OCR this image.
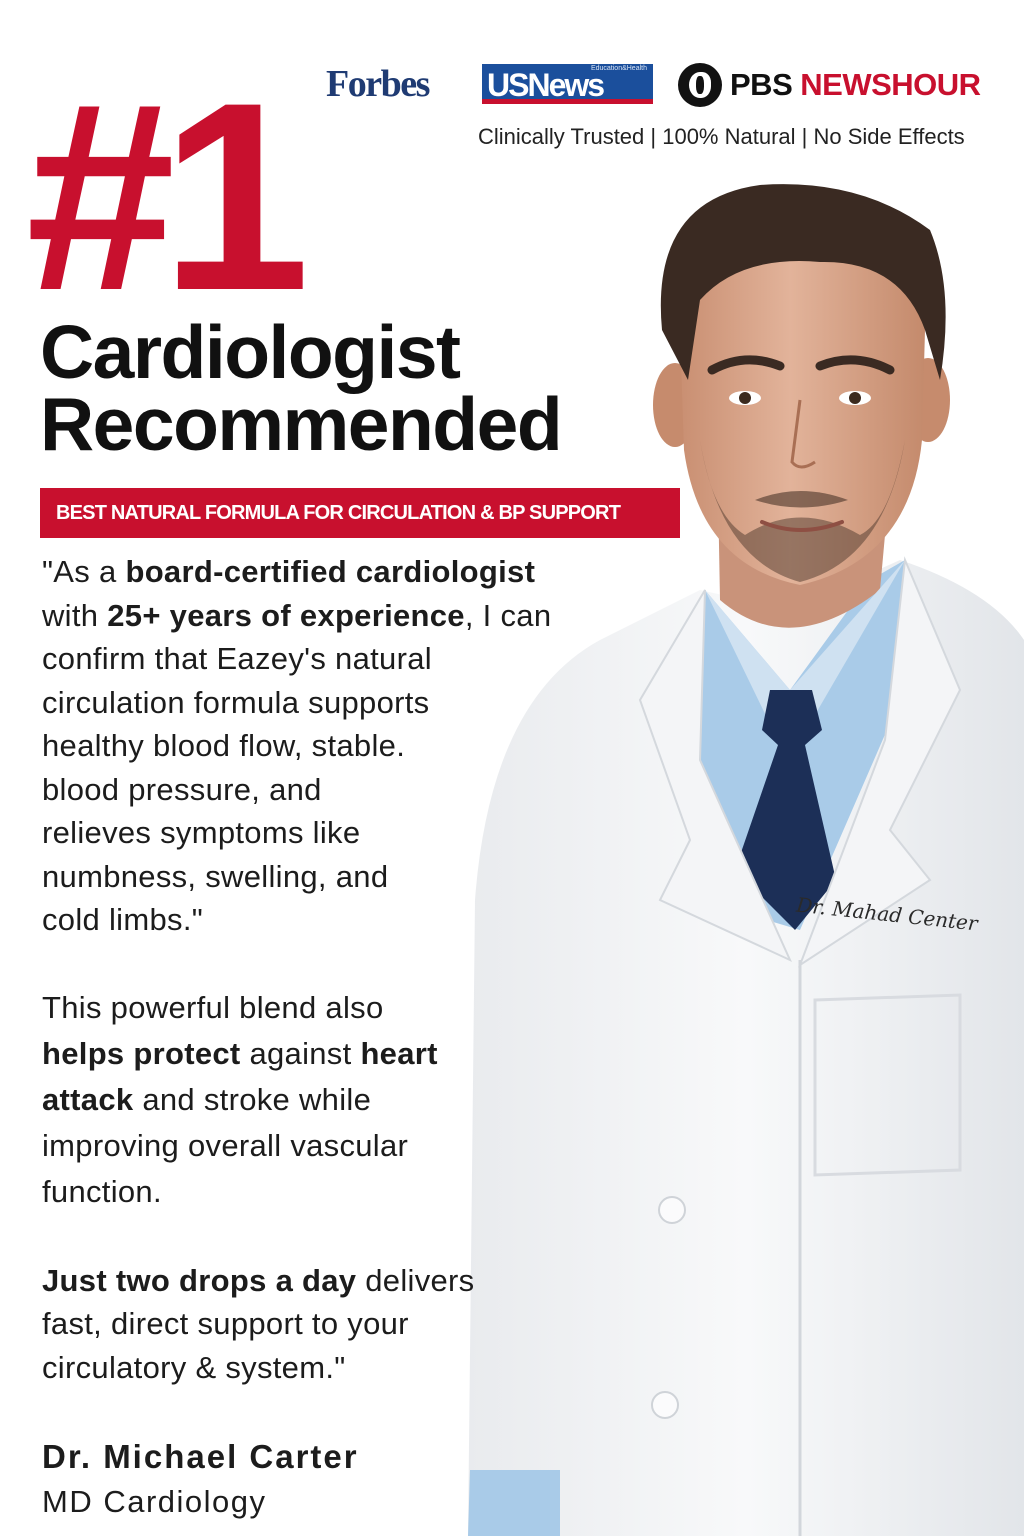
Dr. Mahad Center
Forbes	Education&Health
USNews	PBS NEWSHOUR
Clinically Trusted | 100% Natural | No Side Effects
#1
Cardiologist
Recommended
BEST NATURAL FORMULA FOR CIRCULATION & BP SUPPORT

"As a board-certified cardiologist
with 25+ years of experience, I can
confirm that Eazey's natural
circulation formula supports
healthy blood flow, stable.
blood pressure, and
relieves symptoms like
numbness, swelling, and
cold limbs."

This powerful blend also
helps protect against heart
attack and stroke while
improving overall vascular
function.

Just two drops a day delivers
fast, direct support to your
circulatory & system."

Dr. Michael Carter
MD Cardiology
